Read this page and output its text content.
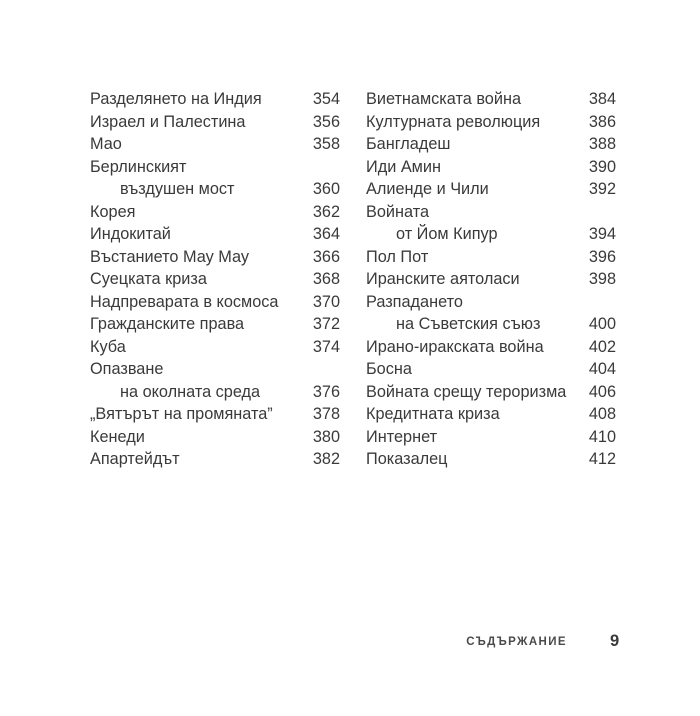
Разделянето на Индия	354
Израел и Палестина	356
Мао	358
Берлинският
въздушен мост	360
Корея	362
Индокитай	364
Въстанието Мау Мау	366
Суецката криза	368
Надпреварата в космоса 370
Гражданските права	372
Куба	374
Опазване
на околната среда	376
„Вятърът на промяната” 378
Кенеди	380
Апартейдът	382
Виетнамската война	384
Културната революция	386
Бангладеш	388
Иди Амин	390
Алиенде и Чили	392
Войната
от Йом Кипур	394
Пол Пот	396
Иранските аятоласи	398
Разпадането
на Съветския съюз	400
Ирано-иракската война	402
Босна	404
Войната срещу тероризма 406
Кредитната криза	408
Интернет	410
Показалец	412
СЪДЪРЖАНИЕ	9
